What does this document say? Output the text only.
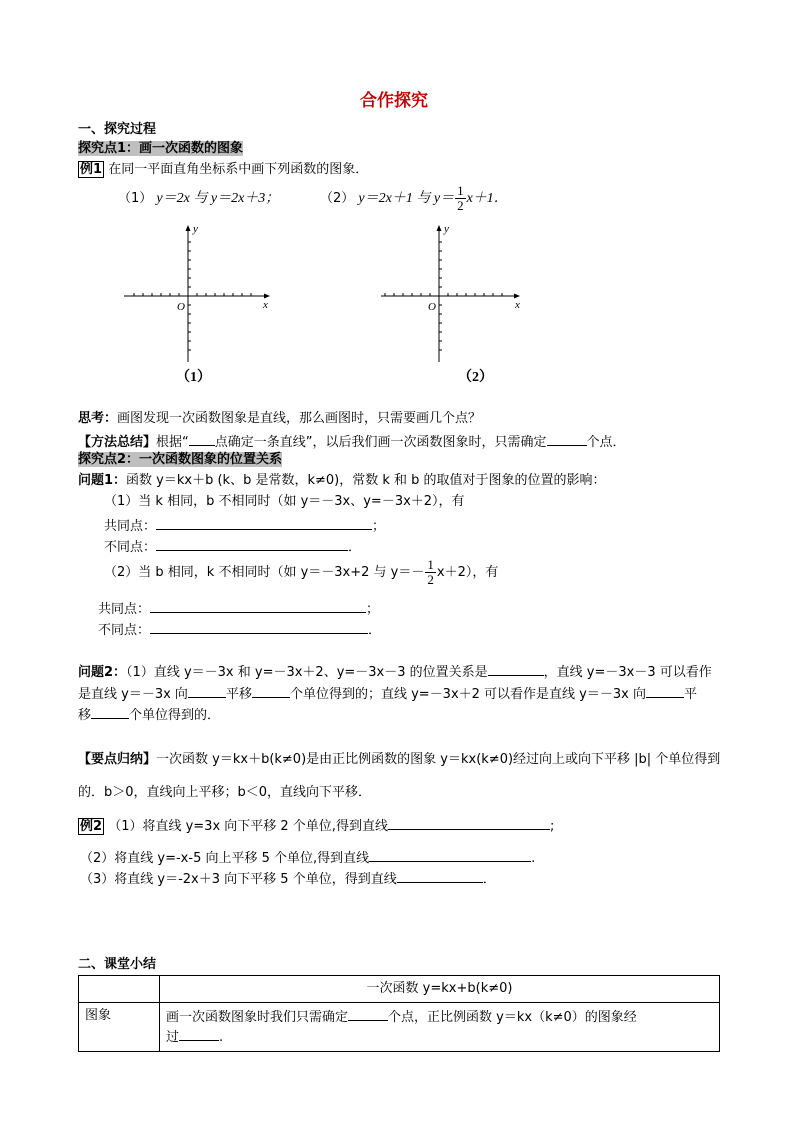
合作探究
一、探究过程
探究点1：画一次函数的图象
例1 在同一平面直角坐标系中画下列函数的图象．
（1） y＝2x 与 y＝2x＋3；	（2） y＝2x＋1 与 $y= \frac{1}{2} x+1$．
x
y
O
（1）
x
y
O
（2）
思考：画图发现一次函数图象是直线，那么画图时，只需要画几个点？
【方法总结】根据“ 点确定一条直线”，以后我们画一次函数图象时，只需确定	个点．
探究点2：一次函数图象的位置关系
问题1：函数 y＝kx＋b (k、b 是常数，k≠0)，常数 k 和 b 的取值对于图象的位置的影响：
（1）当 k 相同，b 不相同时（如 y＝－3x、y=－3x＋2），有
共同点：	；
不同点：	．
（2）当 b 相同，k 不相同时（如 y＝－3x+2 与 $y=- \frac{1}{2} x+2$），有
共同点：	；
不同点：	．
问题2：（1）直线 y＝－3x 和 y=－3x＋2、y=－3x－3 的位置关系是	，直线 y=－3x－3 可以看作
是直线 y＝－3x 向	平移	个单位得到的；直线 y=－3x＋2 可以看作是直线 y＝－3x 向	平
移	个单位得到的．
【要点归纳】一次函数 y＝kx＋b(k≠0)是由正比例函数的图象 y＝kx(k≠0)经过向上或向下平移 |b| 个单位得到
的．b＞0，直线向上平移；b＜0，直线向下平移．
例2 （1）将直线 y=3x 向下平移 2 个单位,得到直线	;
（2）将直线 y=-x-5 向上平移 5 个单位,得到直线	.
（3）将直线 y＝-2x＋3 向下平移 5 个单位，得到直线	．
二、课堂小结
	一次函数 y=kx+b(k≠0)
图象	画一次函数图象时我们只需确定 个点，正比例函数 y＝kx（k≠0）的图象经
过 .
